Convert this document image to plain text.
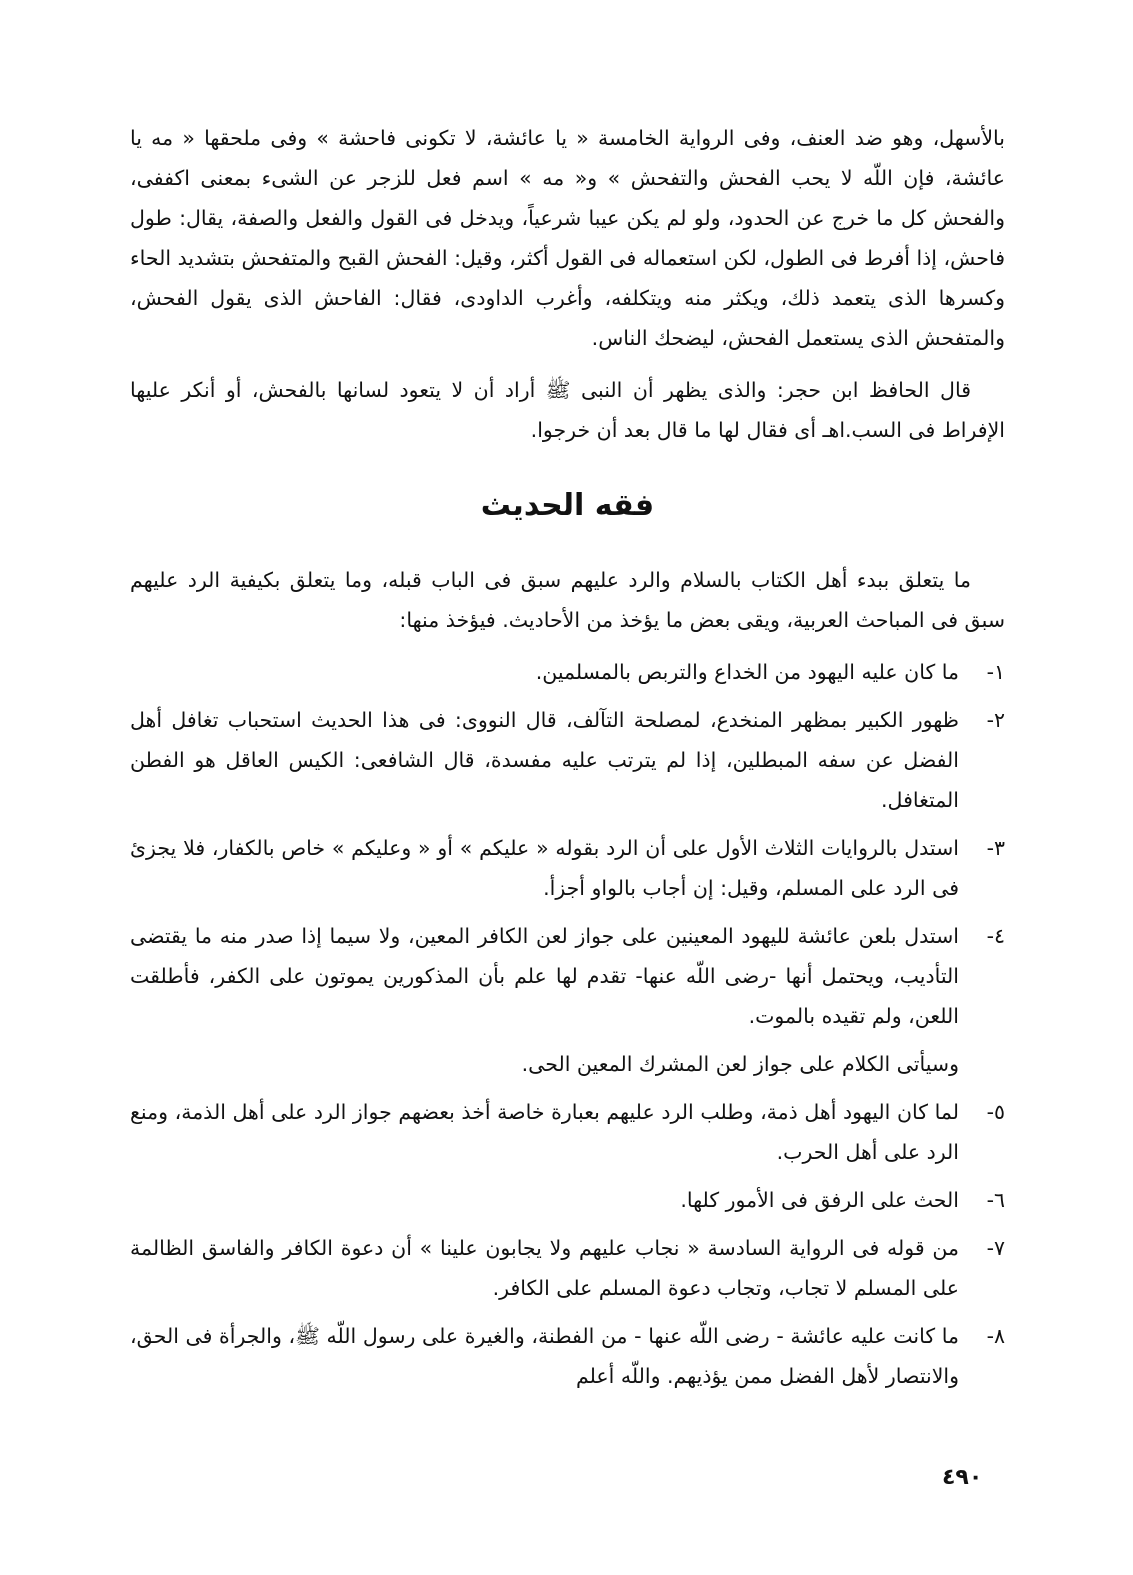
بالأسهل، وهو ضد العنف، وفى الرواية الخامسة « يا عائشة، لا تكونى فاحشة » وفى ملحقها « مه يا عائشة، فإن اللّه لا يحب الفحش والتفحش » و« مه » اسم فعل للزجر عن الشىء بمعنى اكففى، والفحش كل ما خرج عن الحدود، ولو لم يكن عيبا شرعياً، ويدخل فى القول والفعل والصفة، يقال: طول فاحش، إذا أفرط فى الطول، لكن استعماله فى القول أكثر، وقيل: الفحش القبح والمتفحش بتشديد الحاء وكسرها الذى يتعمد ذلك، ويكثر منه ويتكلفه، وأغرب الداودى، فقال: الفاحش الذى يقول الفحش، والمتفحش الذى يستعمل الفحش، ليضحك الناس.

قال الحافظ ابن حجر: والذى يظهر أن النبى ﷺ أراد أن لا يتعود لسانها بالفحش، أو أنكر عليها الإفراط فى السب.اهـ أى فقال لها ما قال بعد أن خرجوا.

فقه الحديث

ما يتعلق ببدء أهل الكتاب بالسلام والرد عليهم سبق فى الباب قبله، وما يتعلق بكيفية الرد عليهم سبق فى المباحث العربية، ويقى بعض ما يؤخذ من الأحاديث. فيؤخذ منها:

١-
ما كان عليه اليهود من الخداع والتربص بالمسلمين.
٢-
ظهور الكبير بمظهر المنخدع، لمصلحة التآلف، قال النووى: فى هذا الحديث استحباب تغافل أهل الفضل عن سفه المبطلين، إذا لم يترتب عليه مفسدة، قال الشافعى: الكيس العاقل هو الفطن المتغافل.
٣-
استدل بالروايات الثلاث الأول على أن الرد بقوله « عليكم » أو « وعليكم » خاص بالكفار، فلا يجزئ فى الرد على المسلم، وقيل: إن أجاب بالواو أجزأ.
٤-
استدل بلعن عائشة لليهود المعينين على جواز لعن الكافر المعين، ولا سيما إذا صدر منه ما يقتضى التأديب، ويحتمل أنها -رضى اللّه عنها- تقدم لها علم بأن المذكورين يموتون على الكفر، فأطلقت اللعن، ولم تقيده بالموت.
وسيأتى الكلام على جواز لعن المشرك المعين الحى.
٥-
لما كان اليهود أهل ذمة، وطلب الرد عليهم بعبارة خاصة أخذ بعضهم جواز الرد على أهل الذمة، ومنع الرد على أهل الحرب.
٦-
الحث على الرفق فى الأمور كلها.
٧-
من قوله فى الرواية السادسة « نجاب عليهم ولا يجابون علينا » أن دعوة الكافر والفاسق الظالمة على المسلم لا تجاب، وتجاب دعوة المسلم على الكافر.
٨-
ما كانت عليه عائشة - رضى اللّه عنها - من الفطنة، والغيرة على رسول اللّه ﷺ، والجرأة فى الحق، والانتصار لأهل الفضل ممن يؤذيهم. واللّه أعلم
٤٩٠
